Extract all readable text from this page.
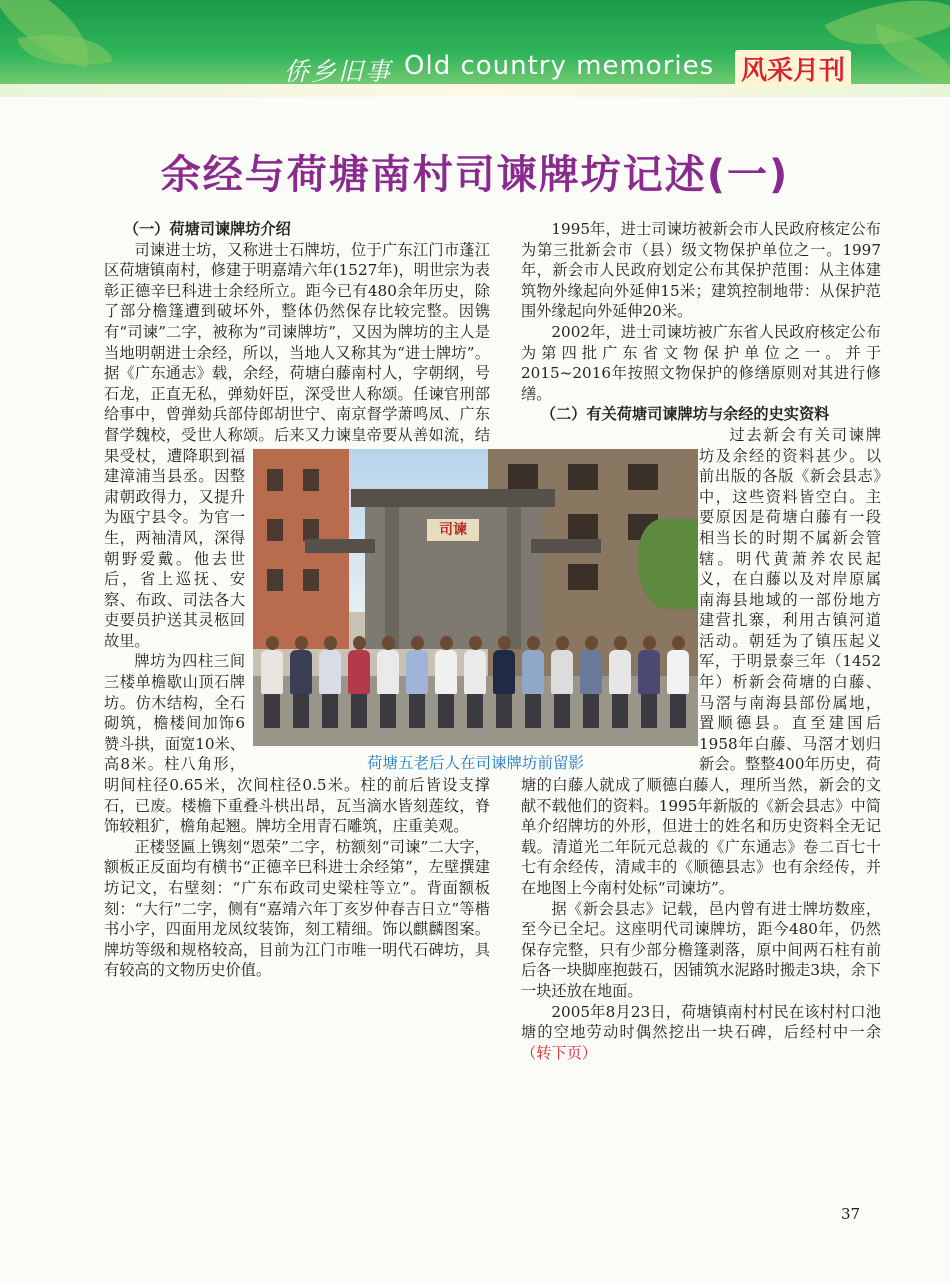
侨乡旧事 Old country memories 风采月刊
余经与荷塘南村司谏牌坊记述(一)

（一）荷塘司谏牌坊介绍

司谏进士坊，又称进士石牌坊，位于广东江门市蓬江区荷塘镇南村，修建于明嘉靖六年(1527年)，明世宗为表彰正德辛巳科进士余经所立。距今已有480余年历史，除了部分檐篷遭到破坏外，整体仍然保存比较完整。因镌有“司谏”二字，被称为“司谏牌坊”，又因为牌坊的主人是当地明朝进士余经，所以，当地人又称其为“进士牌坊”。据《广东通志》载，余经，荷塘白藤南村人，字朝纲，号石龙，正直无私，弹劾奸臣，深受世人称颂。任谏官刑部给事中，曾弹劾兵部侍郎胡世宁、南京督学萧鸣凤、广东督学魏校，受世人称颂。后来又力谏皇帝要从善如流，结果受杖，遭降职到福建漳浦当县丞。因整肃朝政得力，又提升为瓯宁县令。为官一生，两袖清风，深得朝野爱戴。他去世后，省上巡抚、安察、布政、司法各大吏要员护送其灵柩回故里。

牌坊为四柱三间三楼单檐歇山顶石牌坊。仿木结构，全石砌筑，檐楼间加饰6赞斗拱，面宽10米、高8米。柱八角形，明间柱径0.65米，次间柱径0.5米。柱的前后皆设支撑石，已废。楼檐下重叠斗栱出昂，瓦当滴水皆刻莲纹，脊饰较粗犷，檐角起翘。牌坊全用青石雕筑，庄重美观。

正楼竖匾上镌刻“恩荣”二字，枋额刻“司谏”二大字，额板正反面均有横书“正德辛巳科进士余经第”，左壁撰建坊记文，右壁刻：“广东布政司史梁柱等立”。背面额板刻：“大行”二字，侧有“嘉靖六年丁亥岁仲春吉日立”等楷书小字，四面用龙凤纹装饰，刻工精细。饰以麒麟图案。牌坊等级和规格较高，目前为江门市唯一明代石碑坊，具有较高的文物历史价值。

1995年，进士司谏坊被新会市人民政府核定公布为第三批新会市（县）级文物保护单位之一。1997年，新会市人民政府划定公布其保护范围：从主体建筑物外缘起向外延伸15米；建筑控制地带：从保护范围外缘起向外延伸20米。

2002年，进士司谏坊被广东省人民政府核定公布为第四批广东省文物保护单位之一。并于2015~2016年按照文物保护的修缮原则对其进行修缮。

（二）有关荷塘司谏牌坊与余经的史实资料

过去新会有关司谏牌坊及余经的资料甚少。以前出版的各版《新会县志》中，这些资料皆空白。主要原因是荷塘白藤有一段相当长的时期不属新会管辖。明代黄萧养农民起义，在白藤以及对岸原属南海县地域的一部份地方建营扎寨，利用古镇河道活动。朝廷为了镇压起义军，于明景泰三年（1452年）析新会荷塘的白藤、马滘与南海县部份属地，置顺德县。直至建国后1958年白藤、马滘才划归新会。整整400年历史，荷塘的白藤人就成了顺德白藤人，理所当然，新会的文献不载他们的资料。1995年新版的《新会县志》中简单介绍牌坊的外形，但进士的姓名和历史资料全无记载。清道光二年阮元总裁的《广东通志》卷二百七十七有余经传，清咸丰的《顺德县志》也有余经传，并在地图上今南村处标“司谏坊”。

据《新会县志》记载，邑内曾有进士牌坊数座，至今已全圮。这座明代司谏牌坊，距今480年，仍然保存完整，只有少部分檐篷剥落，原中间两石柱有前后各一块脚座抱鼓石，因铺筑水泥路时搬走3块，余下一块还放在地面。

2005年8月23日，荷塘镇南村村民在该村村口池塘的空地劳动时偶然挖出一块石碑，后经村中一余（转下页）

司谏
荷塘五老后人在司谏牌坊前留影
37
